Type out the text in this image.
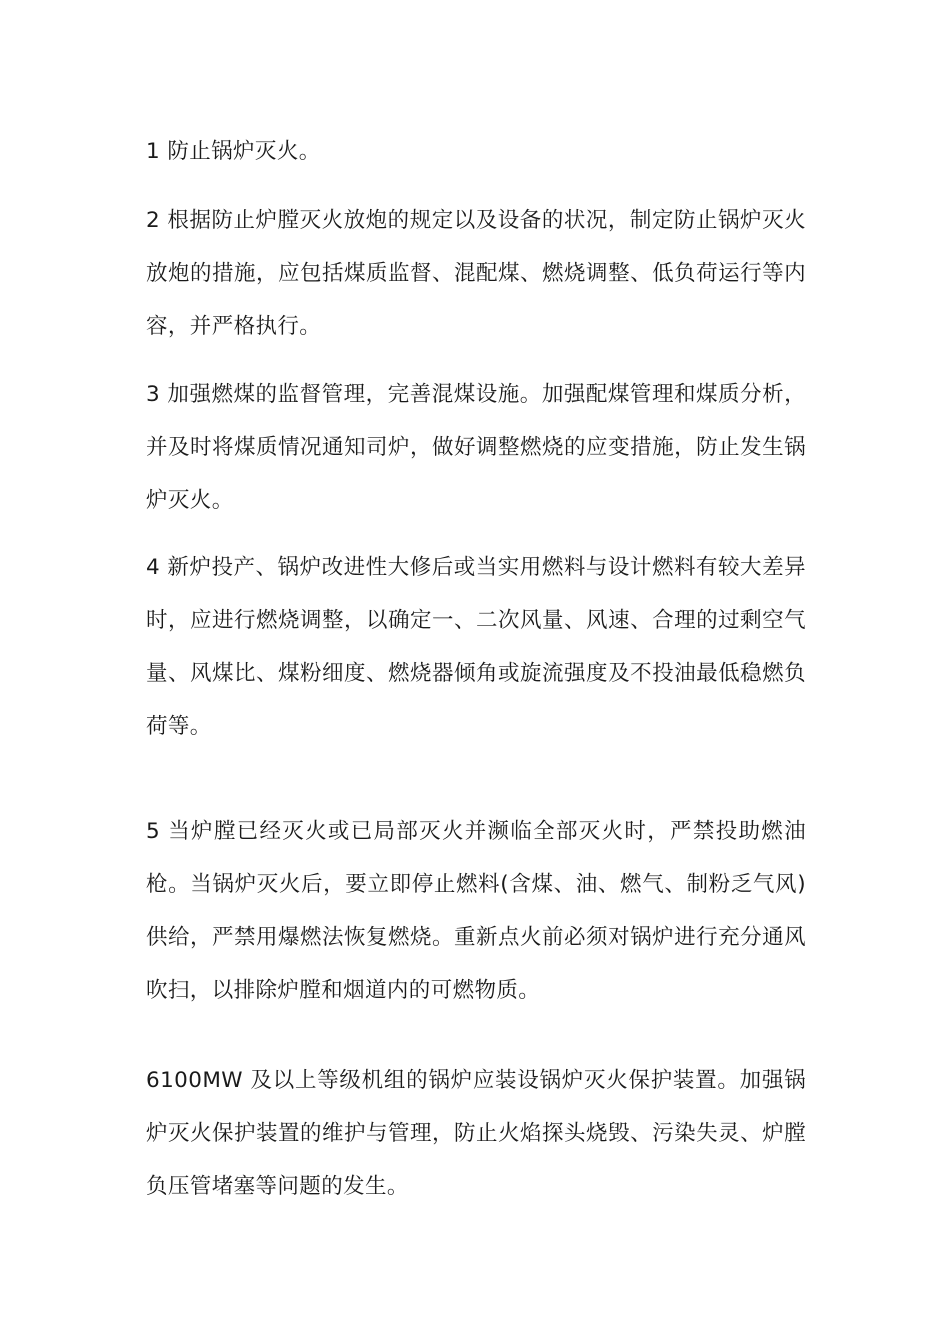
1 防止锅炉灭火。

2 根据防止炉膛灭火放炮的规定以及设备的状况，制定防止锅炉灭火放炮的措施，应包括煤质监督、混配煤、燃烧调整、低负荷运行等内容，并严格执行。

3 加强燃煤的监督管理，完善混煤设施。加强配煤管理和煤质分析，并及时将煤质情况通知司炉，做好调整燃烧的应变措施，防止发生锅炉灭火。

4 新炉投产、锅炉改进性大修后或当实用燃料与设计燃料有较大差异时，应进行燃烧调整，以确定一、二次风量、风速、合理的过剩空气量、风煤比、煤粉细度、燃烧器倾角或旋流强度及不投油最低稳燃负荷等。

5 当炉膛已经灭火或已局部灭火并濒临全部灭火时，严禁投助燃油枪。当锅炉灭火后，要立即停止燃料(含煤、油、燃气、制粉乏气风)供给，严禁用爆燃法恢复燃烧。重新点火前必须对锅炉进行充分通风吹扫，以排除炉膛和烟道内的可燃物质。

6100MW 及以上等级机组的锅炉应装设锅炉灭火保护装置。加强锅炉灭火保护装置的维护与管理，防止火焰探头烧毁、污染失灵、炉膛负压管堵塞等问题的发生。
